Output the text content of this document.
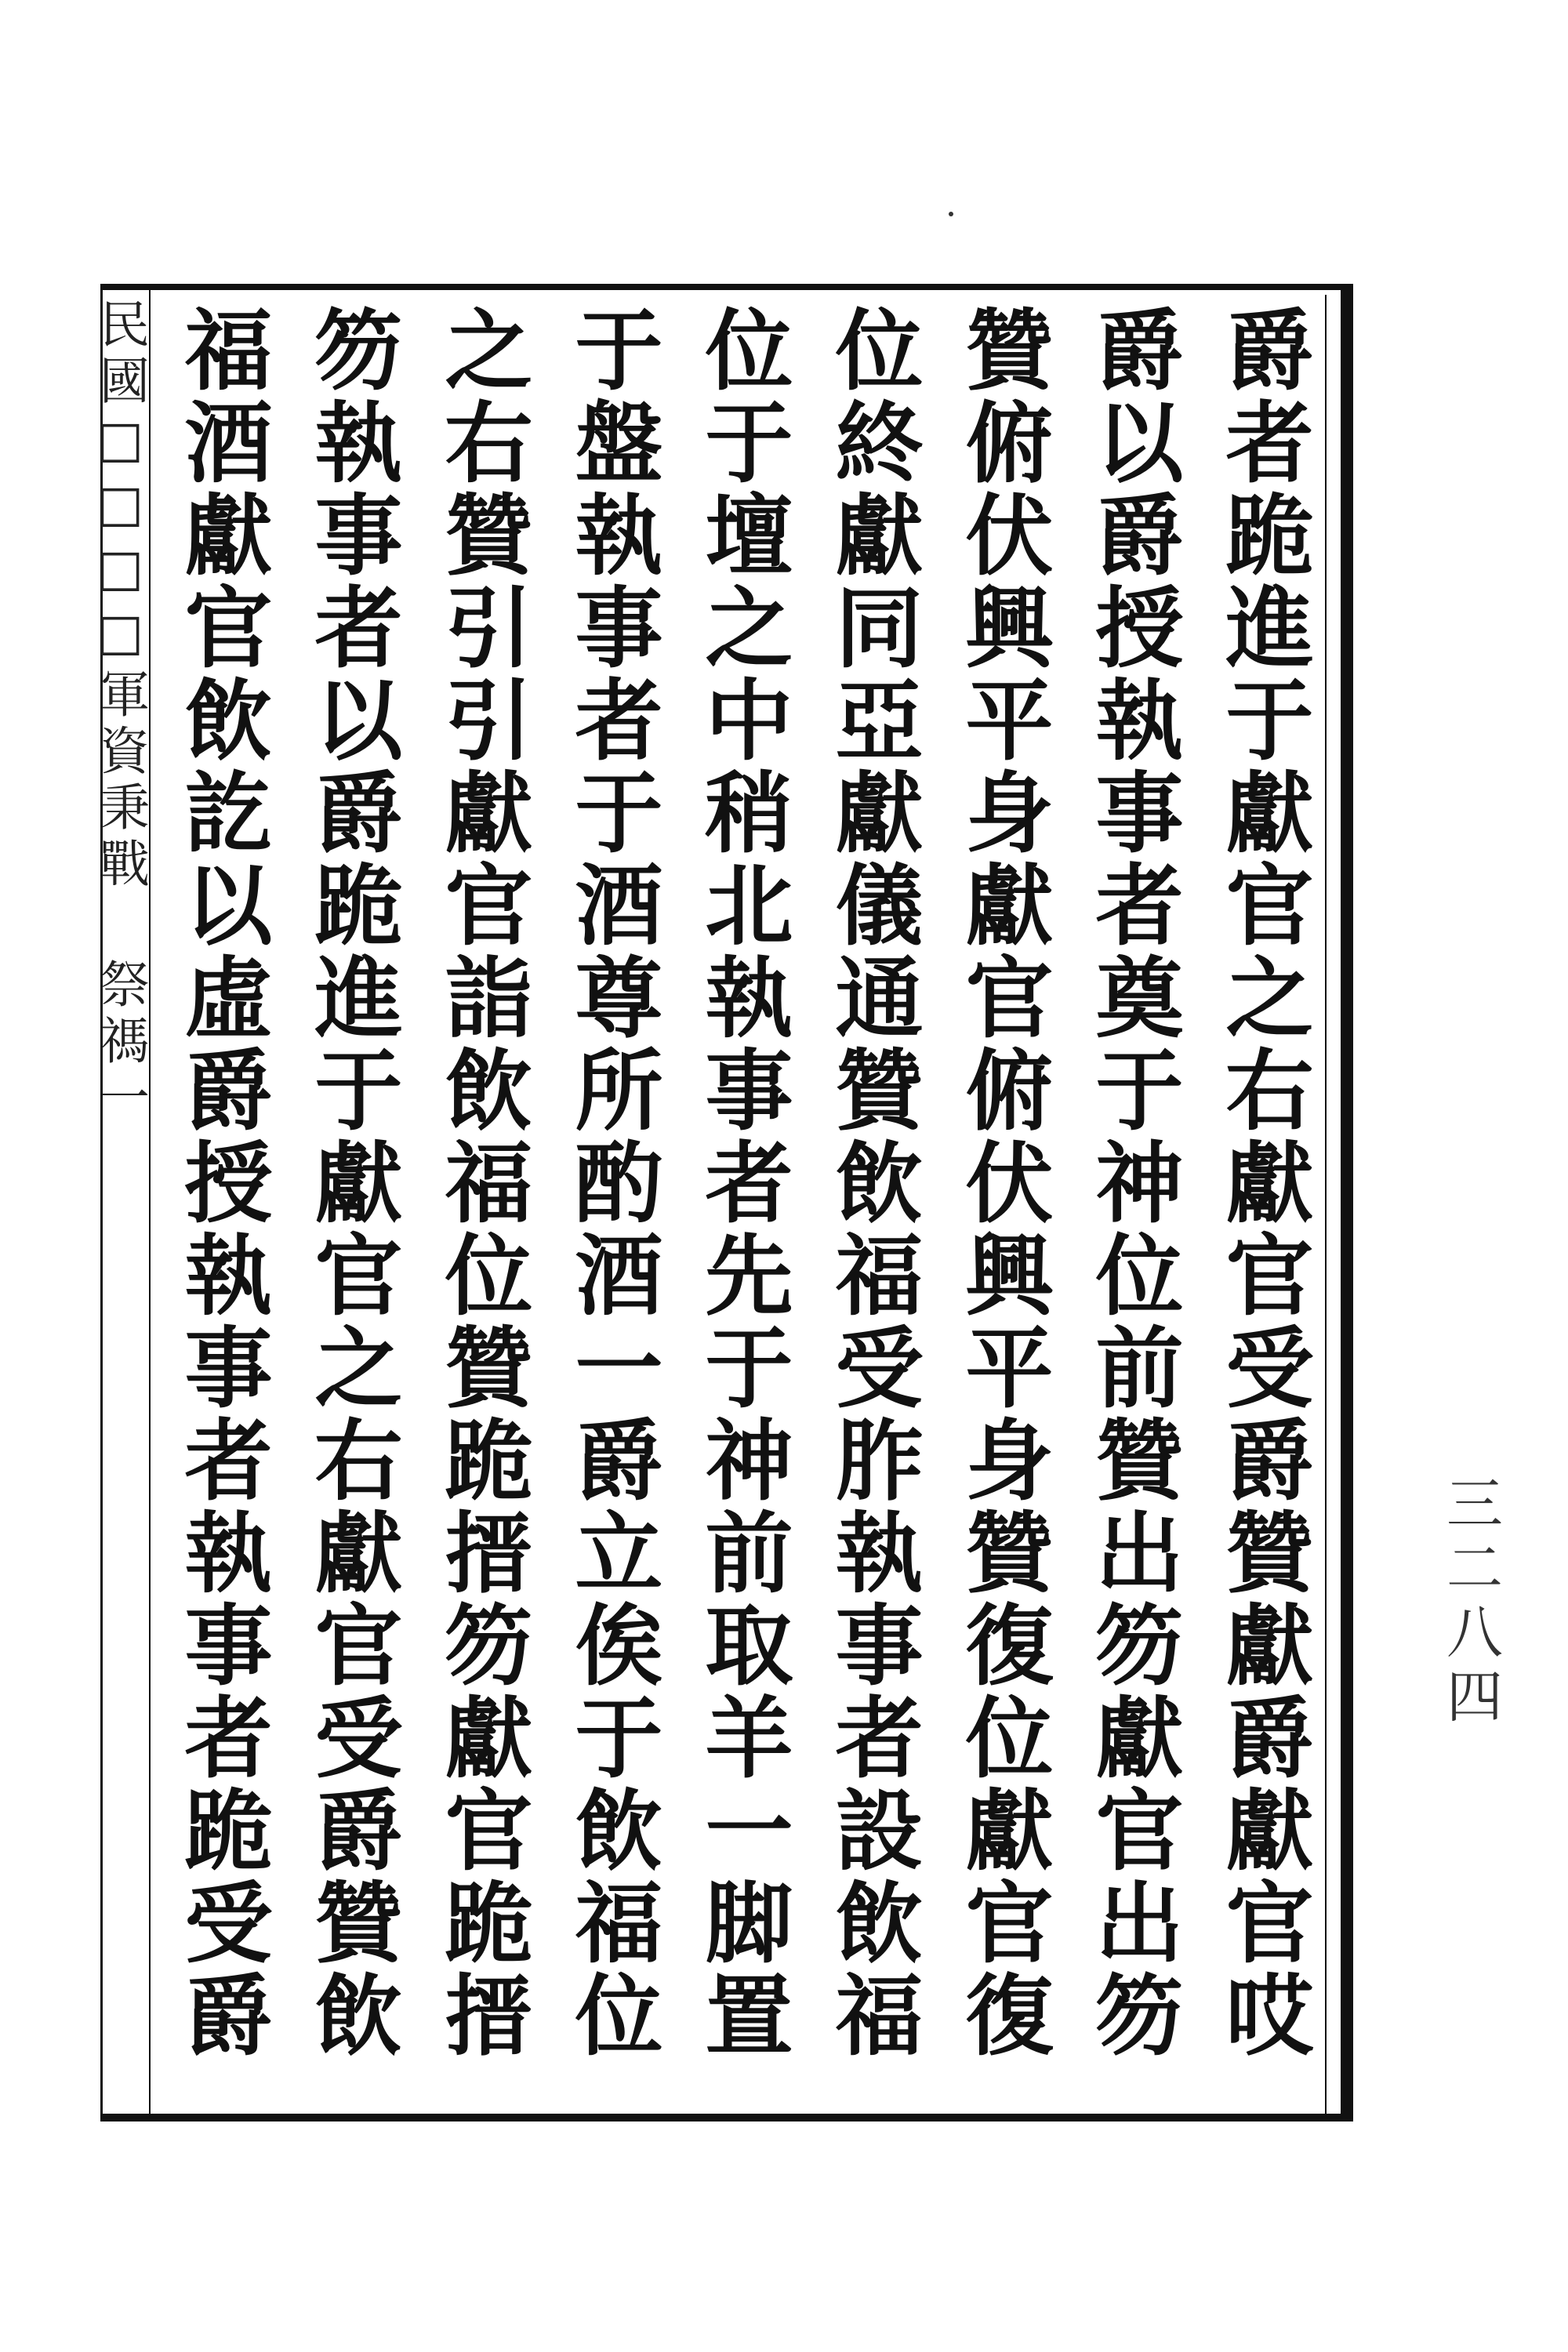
爵者跪進于獻官之右獻官受爵贊獻爵獻官哎
爵以爵授執事者奠于神位前贊出笏獻官出笏
贊俯伏興平身獻官俯伏興平身贊復位獻官復
位終獻同亞獻儀通贊飲福受胙執事者設飲福
位于壇之中稍北執事者先于神前取羊一脚置
于盤執事者于酒尊所酌酒一爵立俟于飲福位
之右贊引引獻官詣飲福位贊跪搢笏獻官跪搢
笏執事者以爵跪進于獻官之右獻官受爵贊飲
福酒獻官飲訖以虛爵授執事者執事者跪受爵
民國□□□□軍資秉戰 祭禡一
三二八四
